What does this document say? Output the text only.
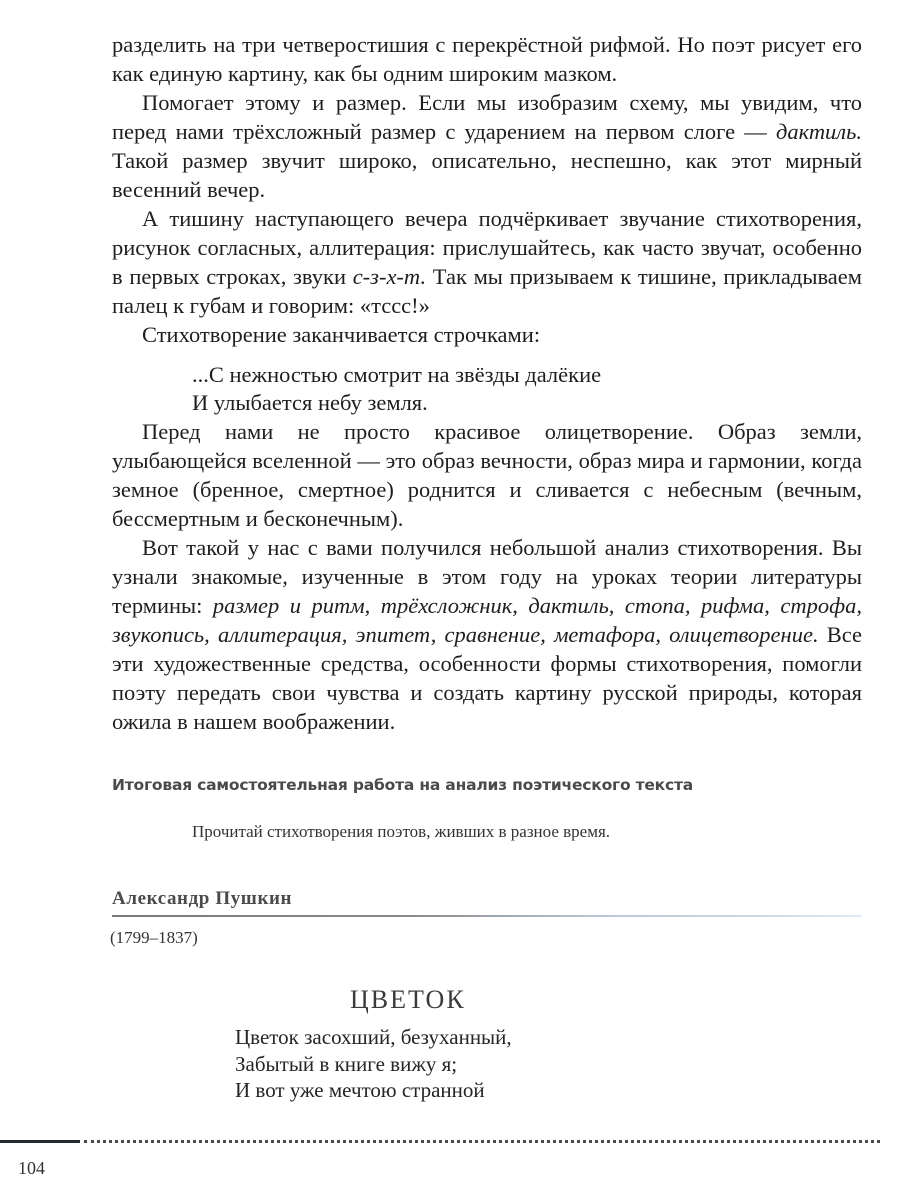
разделить на три четверостишия с перекрёстной рифмой. Но поэт рисует его как единую картину, как бы одним широким мазком.

Помогает этому и размер. Если мы изобразим схему, мы увидим, что перед нами трёхсложный размер с ударением на первом слоге — дактиль. Такой размер звучит широко, описательно, неспешно, как этот мирный весенний вечер.

А тишину наступающего вечера подчёркивает звучание стихотворения, рисунок согласных, аллитерация: прислушайтесь, как часто звучат, особенно в первых строках, звуки с-з-х-т. Так мы призываем к тишине, прикладываем палец к губам и говорим: «тссс!»

Стихотворение заканчивается строчками:

...С нежностью смотрит на звёзды далёкие
И улыбается небу земля.

Перед нами не просто красивое олицетворение. Образ земли, улыбающейся вселенной — это образ вечности, образ мира и гармонии, когда земное (бренное, смертное) роднится и сливается с небесным (вечным, бессмертным и бесконечным).

Вот такой у нас с вами получился небольшой анализ стихотворения. Вы узнали знакомые, изученные в этом году на уроках теории литературы термины: размер и ритм, трёхсложник, дактиль, стопа, рифма, строфа, звукопись, аллитерация, эпитет, сравнение, метафора, олицетворение. Все эти художественные средства, особенности формы стихотворения, помогли поэту передать свои чувства и создать картину русской природы, которая ожила в нашем воображении.

Итоговая самостоятельная работа на анализ поэтического текста
Прочитай стихотворения поэтов, живших в разное время.
Александр Пушкин
(1799–1837)
ЦВЕТОК
Цветок засохший, безуханный,
Забытый в книге вижу я;
И вот уже мечтою странной
104
